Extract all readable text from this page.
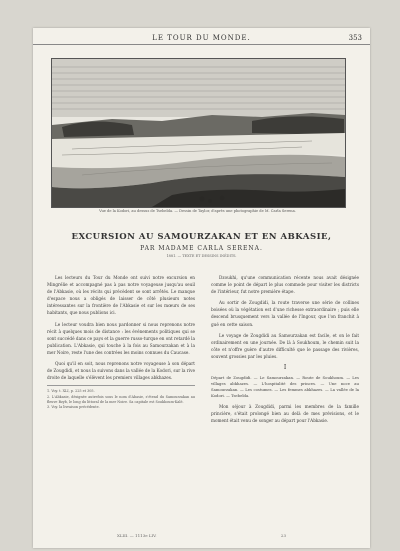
LE TOUR DU MONDE.	353
Vue de la Kodori, au dessus de Tsebelda. — Dessin de Taylor, d'après une photographie de M. Carla Serena.
EXCURSION AU SAMOURZAKAN ET EN ABKASIE,
PAR MADAME CARLA SERENA.
1881. — TEXTE ET DESSINS INÉDITS.

Les lecteurs du Tour du Monde ont suivi notre excursion en Mingrélie et accompagné pas à pas notre voyageuse jusqu'au seuil de l'Abkasie, où les récits qui précèdent se sont arrêtés. Le manque d'espace nous a obligés de laisser de côté plusieurs notes intéressantes sur la frontière de l'Abkasie et sur les mœurs de ses habitants, que nous publions ici.

Le lecteur voudra bien nous pardonner si nous reprenons notre récit à quelques mois de distance : les événements politiques qui se sont succédé dans ce pays et la guerre russo-turque en ont retardé la publication. L'Abkasie, qui touche à la fois au Samourzakan et à la mer Noire, reste l'une des contrées les moins connues du Caucase.

Quoi qu'il en soit, nous reprenons notre voyageuse à son départ de Zougdidi, et nous la suivons dans la vallée de la Kodori, sur la rive droite de laquelle s'élèvent les premiers villages abkhazes.

1. Voy. t. XLI, p. 225 et 305.

2. L'Abkasie, désignée autrefois sous le nom d'Abasie, s'étend du Samourzakan au fleuve Bzyb, le long du littoral de la mer Noire. Sa capitale est Soukhoum-Kalé.

3. Voy. la livraison précédente.

Dzoukhi, qu'une communication récente nous avait désignée comme le point de départ le plus commode pour visiter les districts de l'intérieur, fut notre première étape.

Au sortir de Zougdidi, la route traverse une série de collines boisées où la végétation est d'une richesse extraordinaire ; puis elle descend brusquement vers la vallée de l'Ingour, que l'on franchit à gué en cette saison.

Le voyage de Zougdidi au Samourzakan est facile, et on le fait ordinairement en une journée. De là à Soukhoum, le chemin suit la côte et n'offre guère d'autre difficulté que le passage des rivières, souvent grossies par les pluies.

I

Départ de Zougdidi. — Le Samourzakan. — Route de Soukhoum. — Les villages abkhazes. — L'hospitalité des princes. — Une noce au Samourzakan. — Les costumes. — Les femmes abkhazes. — La vallée de la Kodori. — Tsebelda.

Mon séjour à Zougdidi, parmi les membres de la famille princière, s'était prolongé bien au delà de mes prévisions, et le moment était venu de songer au départ pour l'Abkasie.

XLIII. — 1113e LIV.	23
